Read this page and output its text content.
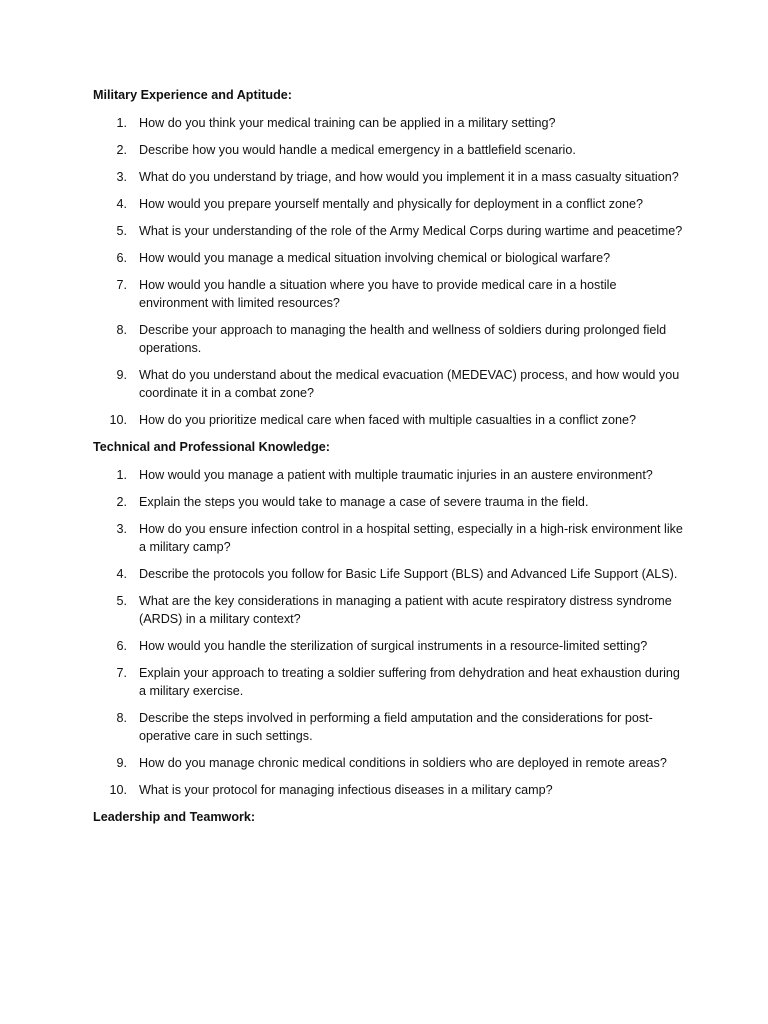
Military Experience and Aptitude:
1. How do you think your medical training can be applied in a military setting?
2. Describe how you would handle a medical emergency in a battlefield scenario.
3. What do you understand by triage, and how would you implement it in a mass casualty situation?
4. How would you prepare yourself mentally and physically for deployment in a conflict zone?
5. What is your understanding of the role of the Army Medical Corps during wartime and peacetime?
6. How would you manage a medical situation involving chemical or biological warfare?
7. How would you handle a situation where you have to provide medical care in a hostile environment with limited resources?
8. Describe your approach to managing the health and wellness of soldiers during prolonged field operations.
9. What do you understand about the medical evacuation (MEDEVAC) process, and how would you coordinate it in a combat zone?
10. How do you prioritize medical care when faced with multiple casualties in a conflict zone?
Technical and Professional Knowledge:
1. How would you manage a patient with multiple traumatic injuries in an austere environment?
2. Explain the steps you would take to manage a case of severe trauma in the field.
3. How do you ensure infection control in a hospital setting, especially in a high-risk environment like a military camp?
4. Describe the protocols you follow for Basic Life Support (BLS) and Advanced Life Support (ALS).
5. What are the key considerations in managing a patient with acute respiratory distress syndrome (ARDS) in a military context?
6. How would you handle the sterilization of surgical instruments in a resource-limited setting?
7. Explain your approach to treating a soldier suffering from dehydration and heat exhaustion during a military exercise.
8. Describe the steps involved in performing a field amputation and the considerations for post-operative care in such settings.
9. How do you manage chronic medical conditions in soldiers who are deployed in remote areas?
10. What is your protocol for managing infectious diseases in a military camp?
Leadership and Teamwork:
